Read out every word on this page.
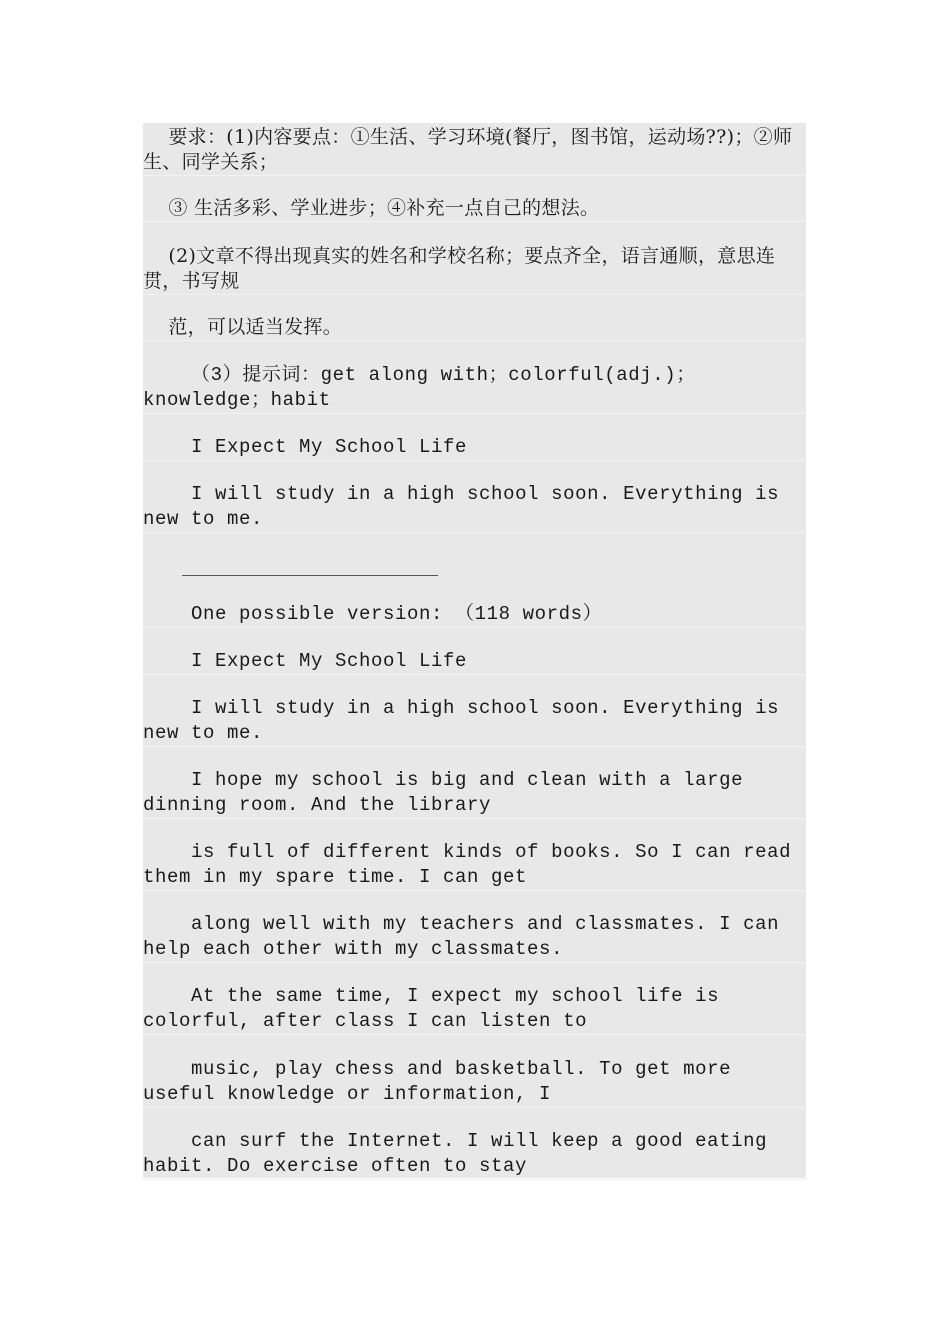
要求：(1)内容要点：①生活、学习环境(餐厅，图书馆，运动场??)；②师生、同学关系；

③ 生活多彩、学业进步；④补充一点自己的想法。

(2)文章不得出现真实的姓名和学校名称；要点齐全，语言通顺，意思连贯，书写规

范，可以适当发挥。

（3）提示词：get along with；colorful(adj.)；knowledge；habit

I Expect My School Life

I will study in a high school soon. Everything is new to me.

One possible version: （118 words）

I Expect My School Life

I will study in a high school soon. Everything is new to me.

I hope my school is big and clean with a large dinning room. And the library

is full of different kinds of books. So I can read them in my spare time. I can get

along well with my teachers and classmates. I can help each other with my classmates.

At the same time, I expect my school life is colorful, after class I can listen to

music, play chess and basketball. To get more useful knowledge or information, I

can surf the Internet. I will keep a good eating habit. Do exercise often to stay
